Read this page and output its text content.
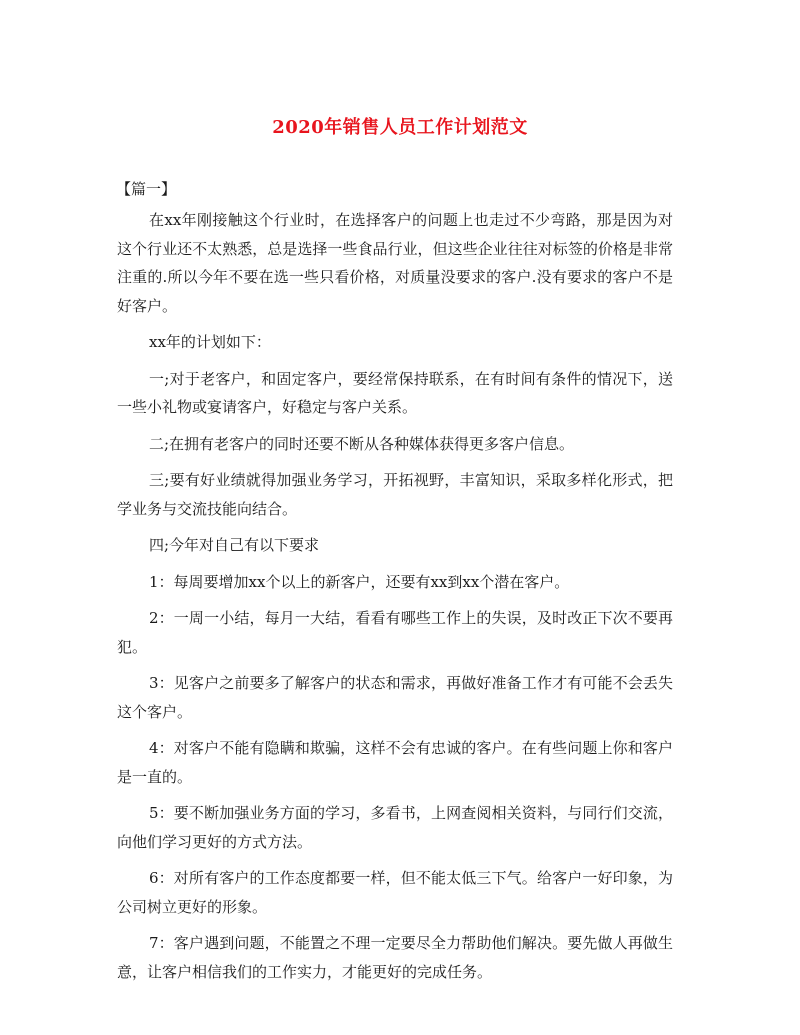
2020年销售人员工作计划范文
【篇一】

在xx年刚接触这个行业时，在选择客户的问题上也走过不少弯路，那是因为对这个行业还不太熟悉，总是选择一些食品行业，但这些企业往往对标签的价格是非常注重的.所以今年不要在选一些只看价格，对质量没要求的客户.没有要求的客户不是好客户。

xx年的计划如下：

一;对于老客户，和固定客户，要经常保持联系，在有时间有条件的情况下，送一些小礼物或宴请客户，好稳定与客户关系。

二;在拥有老客户的同时还要不断从各种媒体获得更多客户信息。

三;要有好业绩就得加强业务学习，开拓视野，丰富知识，采取多样化形式，把学业务与交流技能向结合。

四;今年对自己有以下要求

1：每周要增加xx个以上的新客户，还要有xx到xx个潜在客户。

2：一周一小结，每月一大结，看看有哪些工作上的失误，及时改正下次不要再犯。

3：见客户之前要多了解客户的状态和需求，再做好准备工作才有可能不会丢失这个客户。

4：对客户不能有隐瞒和欺骗，这样不会有忠诚的客户。在有些问题上你和客户是一直的。

5：要不断加强业务方面的学习，多看书，上网查阅相关资料，与同行们交流，向他们学习更好的方式方法。

6：对所有客户的工作态度都要一样，但不能太低三下气。给客户一好印象，为公司树立更好的形象。

7：客户遇到问题，不能置之不理一定要尽全力帮助他们解决。要先做人再做生意，让客户相信我们的工作实力，才能更好的完成任务。
